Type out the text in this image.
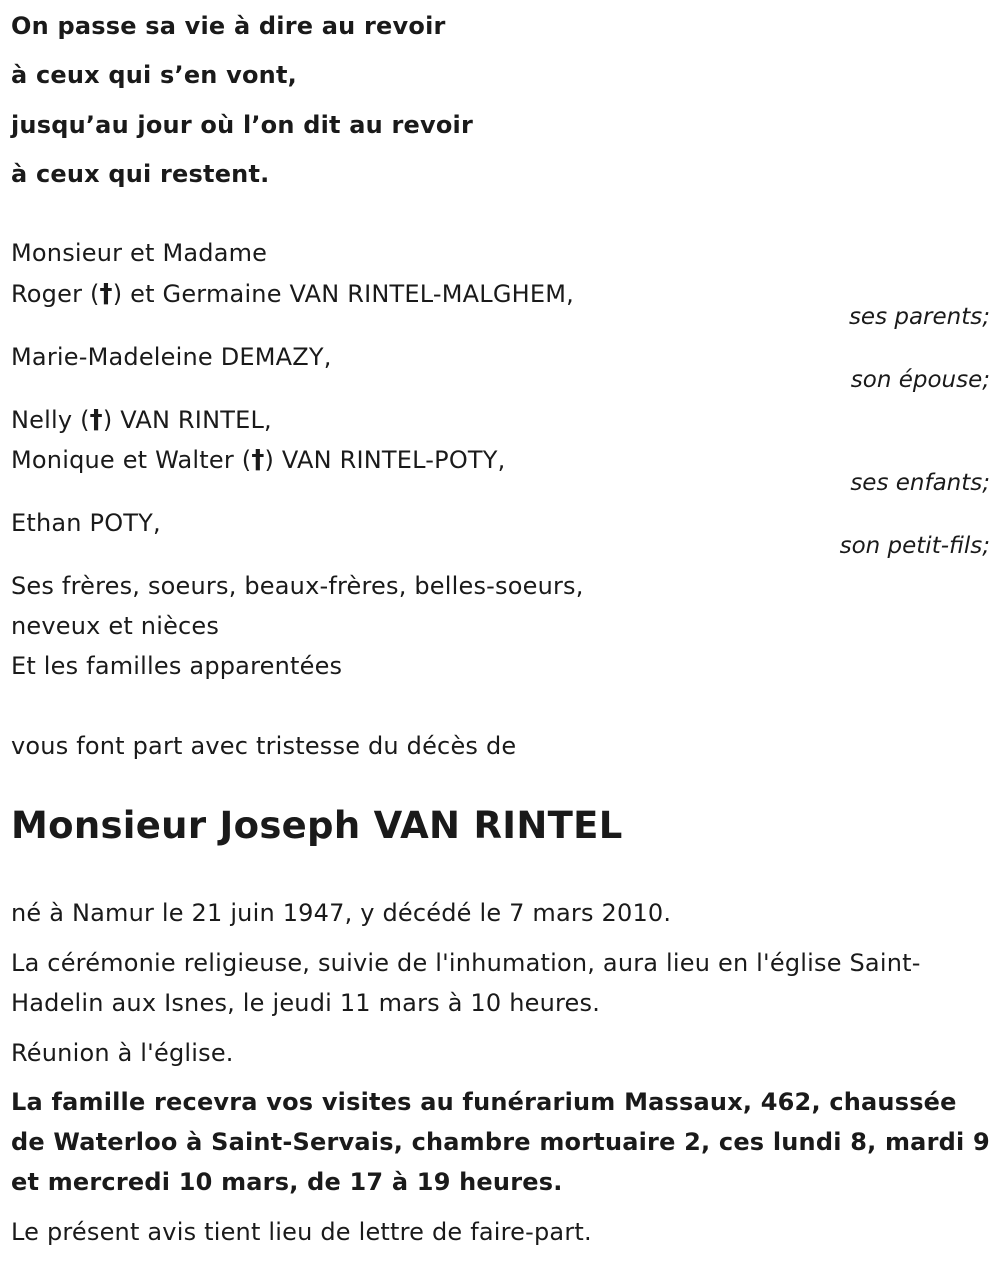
On passe sa vie à dire au revoir
à ceux qui s’en vont,
jusqu’au jour où l’on dit au revoir
à ceux qui restent.
Monsieur et Madame
Roger (†) et Germaine VAN RINTEL-MALGHEM,
ses parents;
Marie-Madeleine DEMAZY,
son épouse;
Nelly (†) VAN RINTEL,
Monique et Walter (†) VAN RINTEL-POTY,
ses enfants;
Ethan POTY,
son petit-fils;
Ses frères, soeurs, beaux-frères, belles-soeurs,
neveux et nièces
Et les familles apparentées
vous font part avec tristesse du décès de
Monsieur Joseph VAN RINTEL
né à Namur le 21 juin 1947, y décédé le 7 mars 2010.
La cérémonie religieuse, suivie de l'inhumation, aura lieu en l'église Saint-
Hadelin aux Isnes, le jeudi 11 mars à 10 heures.
Réunion à l'église.
La famille recevra vos visites au funérarium Massaux, 462, chaussée
de Waterloo à Saint-Servais, chambre mortuaire 2, ces lundi 8, mardi 9
et mercredi 10 mars, de 17 à 19 heures.
Le présent avis tient lieu de lettre de faire-part.
